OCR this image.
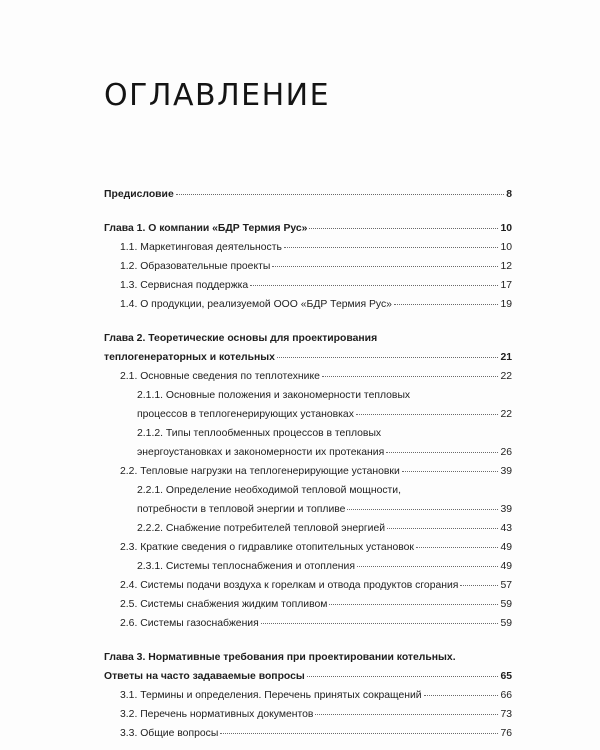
ОГЛАВЛЕНИЕ
Предисловие	8
Глава 1. О компании «БДР Термия Рус»	10
1.1. Маркетинговая деятельность	10
1.2. Образовательные проекты	12
1.3. Сервисная поддержка	17
1.4. О продукции, реализуемой ООО «БДР Термия Рус»	19
Глава 2. Теоретические основы для проектирования
теплогенераторных и котельных	21
2.1. Основные сведения по теплотехнике	22
2.1.1. Основные положения и закономерности тепловых
процессов в теплогенерирующих установках	22
2.1.2. Типы теплообменных процессов в тепловых
энергоустановках и закономерности их протекания	26
2.2. Тепловые нагрузки на теплогенерирующие установки	39
2.2.1. Определение необходимой тепловой мощности,
потребности в тепловой энергии и топливе	39
2.2.2. Снабжение потребителей тепловой энергией	43
2.3. Краткие сведения о гидравлике отопительных установок	49
2.3.1. Системы теплоснабжения и отопления	49
2.4. Системы подачи воздуха к горелкам и отвода продуктов сгорания	57
2.5. Системы снабжения жидким топливом	59
2.6. Системы газоснабжения	59
Глава 3. Нормативные требования при проектировании котельных.
Ответы на часто задаваемые вопросы	65
3.1. Термины и определения. Перечень принятых сокращений	66
3.2. Перечень нормативных документов	73
3.3. Общие вопросы	76
